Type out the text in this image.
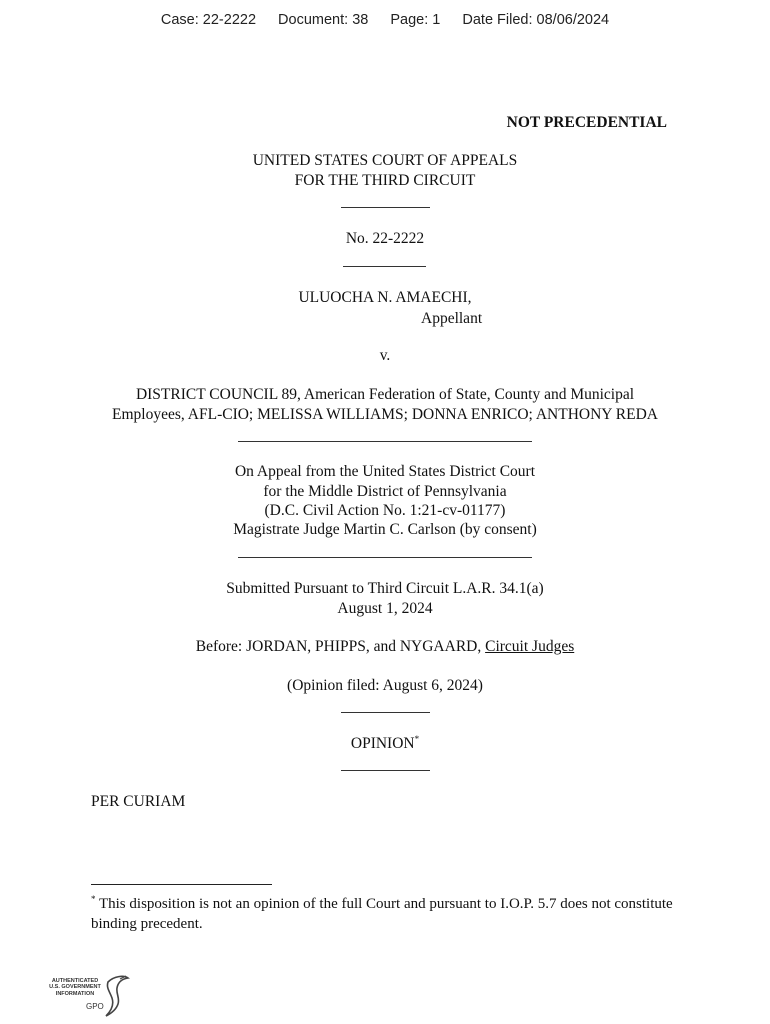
Case: 22-2222 Document: 38 Page: 1 Date Filed: 08/06/2024
NOT PRECEDENTIAL
UNITED STATES COURT OF APPEALS
FOR THE THIRD CIRCUIT
No. 22-2222
ULUOCHA N. AMAECHI,
Appellant
v.
DISTRICT COUNCIL 89, American Federation of State, County and Municipal
Employees, AFL-CIO; MELISSA WILLIAMS; DONNA ENRICO; ANTHONY REDA
On Appeal from the United States District Court
for the Middle District of Pennsylvania
(D.C. Civil Action No. 1:21-cv-01177)
Magistrate Judge Martin C. Carlson (by consent)
Submitted Pursuant to Third Circuit L.A.R. 34.1(a)
August 1, 2024
Before: JORDAN, PHIPPS, and NYGAARD, Circuit Judges
(Opinion filed: August 6, 2024)
OPINION*
PER CURIAM
* This disposition is not an opinion of the full Court and pursuant to I.O.P. 5.7 does not constitute binding precedent.
AUTHENTICATED
U.S. GOVERNMENT
INFORMATION
GPO
